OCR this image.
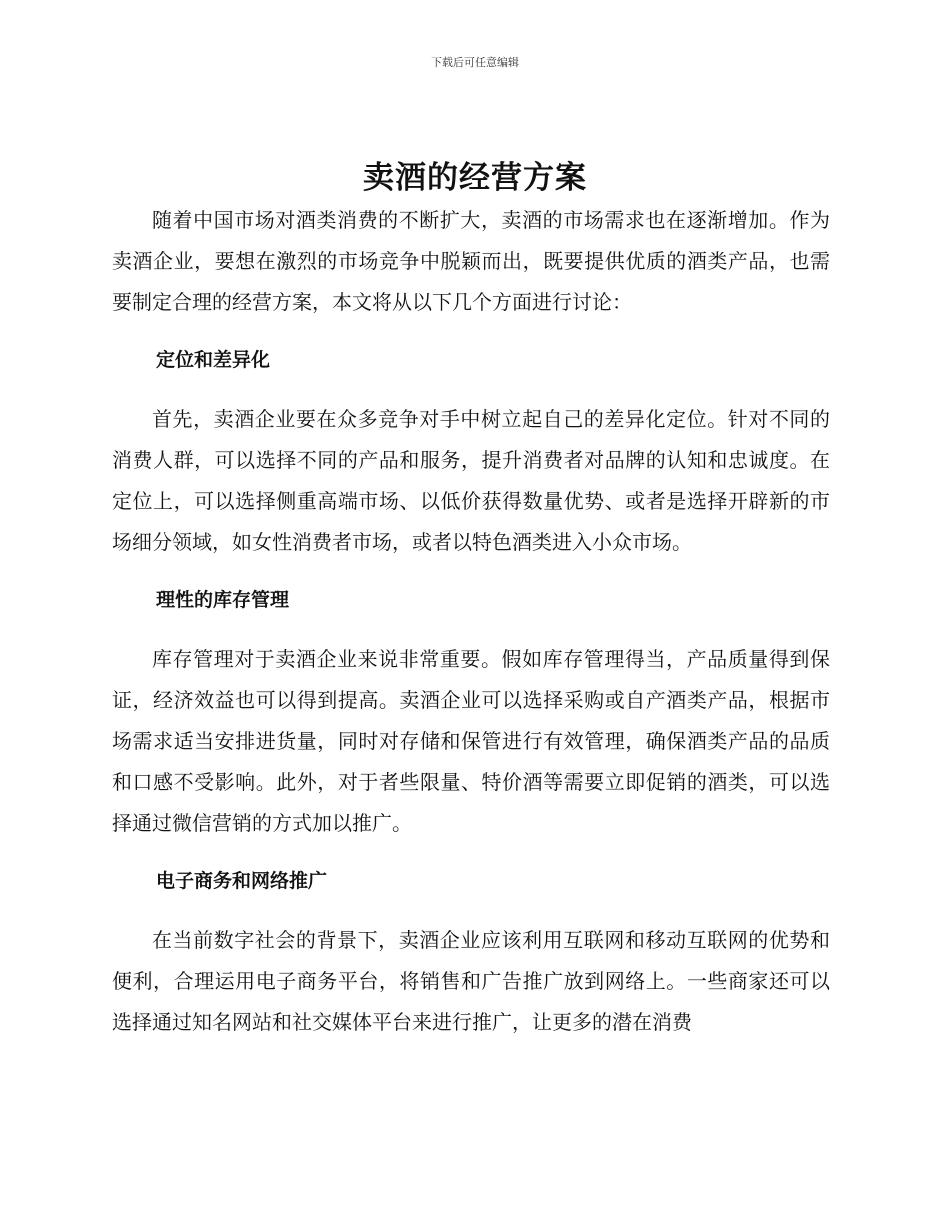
下载后可任意编辑
卖酒的经营方案

随着中国市场对酒类消费的不断扩大，卖酒的市场需求也在逐渐增加。作为卖酒企业，要想在激烈的市场竞争中脱颖而出，既要提供优质的酒类产品，也需要制定合理的经营方案，本文将从以下几个方面进行讨论：

定位和差异化

首先，卖酒企业要在众多竞争对手中树立起自己的差异化定位。针对不同的消费人群，可以选择不同的产品和服务，提升消费者对品牌的认知和忠诚度。在定位上，可以选择侧重高端市场、以低价获得数量优势、或者是选择开辟新的市场细分领域，如女性消费者市场，或者以特色酒类进入小众市场。

理性的库存管理

库存管理对于卖酒企业来说非常重要。假如库存管理得当，产品质量得到保证，经济效益也可以得到提高。卖酒企业可以选择采购或自产酒类产品，根据市场需求适当安排进货量，同时对存储和保管进行有效管理，确保酒类产品的品质和口感不受影响。此外，对于者些限量、特价酒等需要立即促销的酒类，可以选择通过微信营销的方式加以推广。

电子商务和网络推广

在当前数字社会的背景下，卖酒企业应该利用互联网和移动互联网的优势和便利，合理运用电子商务平台，将销售和广告推广放到网络上。一些商家还可以选择通过知名网站和社交媒体平台来进行推广，让更多的潜在消费
